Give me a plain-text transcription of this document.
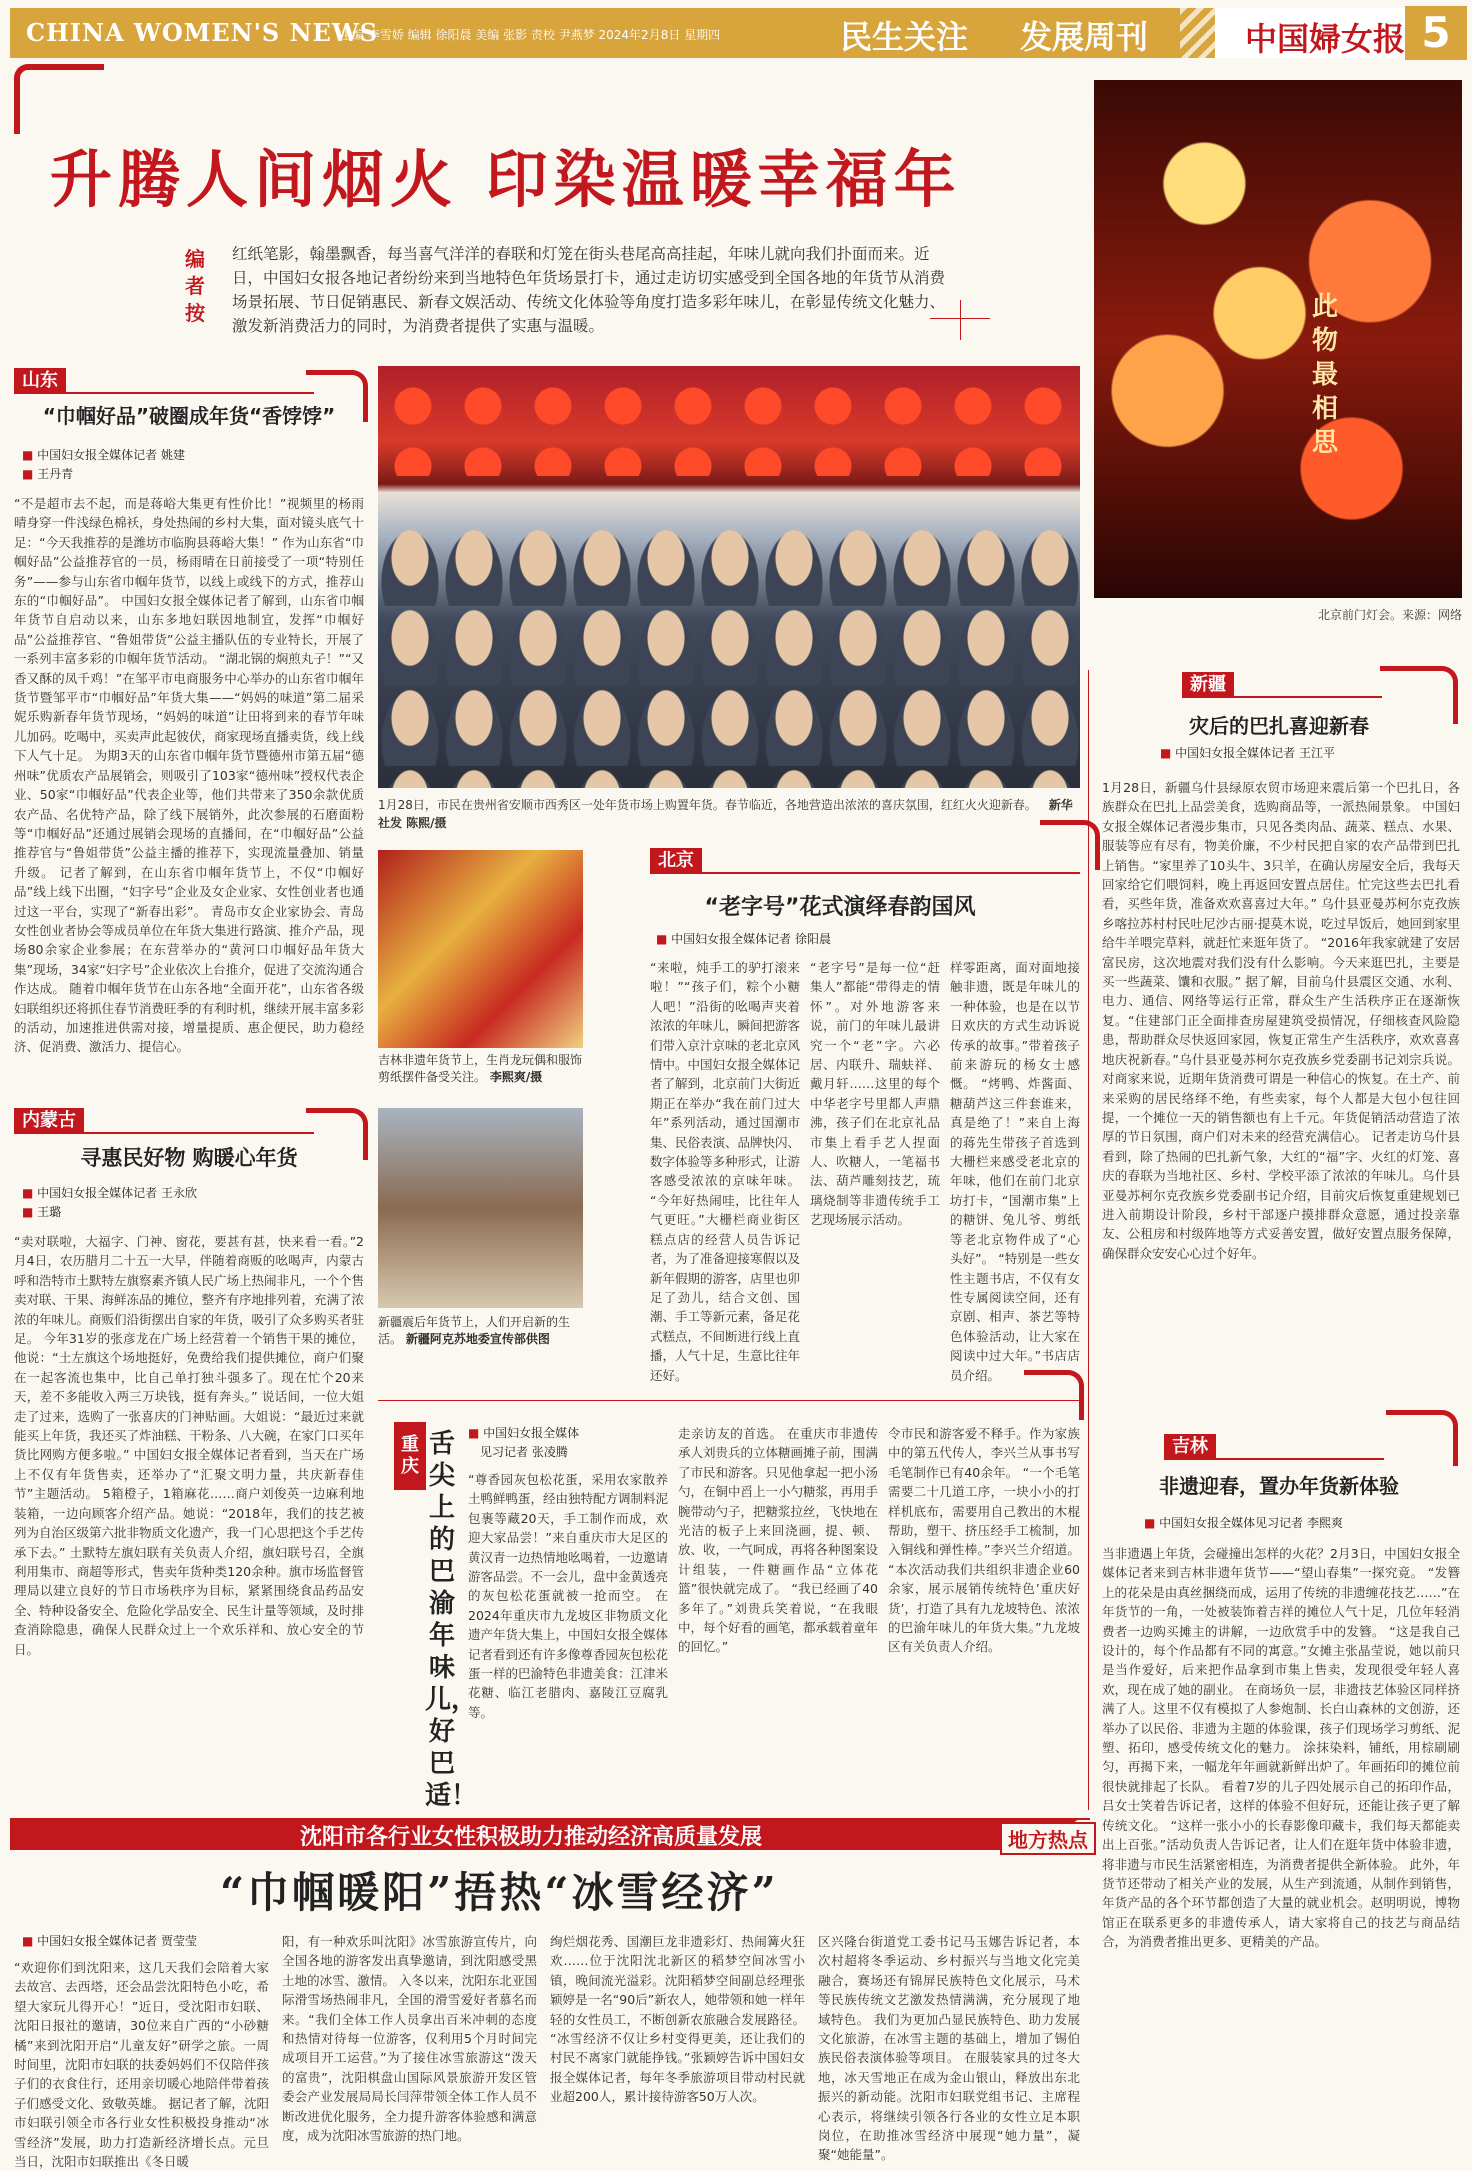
CHINA WOMEN'S NEWS
主编 李雪娇 编辑 徐阳晨 美编 张影 责校 尹燕梦 2024年2月8日 星期四	民生关注 发展周刊	中国婦女报 5
升腾人间烟火 印染温暖幸福年
编者按
红纸笔影，翰墨飘香，每当喜气洋洋的春联和灯笼在街头巷尾高高挂起，年味儿就向我们扑面而来。近日，中国妇女报各地记者纷纷来到当地特色年货场景打卡，通过走访切实感受到全国各地的年货节从消费场景拓展、节日促销惠民、新春文娱活动、传统文化体验等角度打造多彩年味儿，在彰显传统文化魅力、激发新消费活力的同时，为消费者提供了实惠与温暖。
此物最相思
北京前门灯会。来源：网络
1月28日，市民在贵州省安顺市西秀区一处年货市场上购置年货。春节临近，各地营造出浓浓的喜庆氛围，红红火火迎新春。 新华社发 陈熙/摄
山东
“巾帼好品”破圈成年货“香饽饽”
■ 中国妇女报全媒体记者 姚建
■ 王丹青
“不是超市去不起，而是蒋峪大集更有性价比！”视频里的杨雨晴身穿一件浅绿色棉袄，身处热闹的乡村大集，面对镜头底气十足：“今天我推荐的是潍坊市临朐县蒋峪大集！” 作为山东省“巾帼好品”公益推荐官的一员，杨雨晴在日前接受了一项“特别任务”——参与山东省巾帼年货节，以线上或线下的方式，推荐山东的“巾帼好品”。 中国妇女报全媒体记者了解到，山东省巾帼年货节自启动以来，山东多地妇联因地制宜，发挥“巾帼好品”公益推荐官、“鲁姐带货”公益主播队伍的专业特长，开展了一系列丰富多彩的巾帼年货节活动。 “湖北锅的焖煎丸子！”“又香又酥的凤千鸡！”在邹平市电商服务中心举办的山东省巾帼年货节暨邹平市“巾帼好品”年货大集——“妈妈的味道”第二届采妮乐购新春年货节现场，“妈妈的味道”让田将到来的春节年味儿加码。吃喝中，买卖声此起彼伏，商家现场直播卖货，线上线下人气十足。 为期3天的山东省巾帼年货节暨德州市第五届“德州味”优质农产品展销会，则吸引了103家“德州味”授权代表企业、50家“巾帼好品”代表企业等，他们共带来了350余款优质农产品、名优特产品，除了线下展销外，此次参展的石磨面粉等“巾帼好品”还通过展销会现场的直播间，在“巾帼好品”公益推荐官与“鲁姐带货”公益主播的推荐下，实现流量叠加、销量升级。 记者了解到，在山东省巾帼年货节上，不仅“巾帼好品”线上线下出圈，“妇字号”企业及女企业家、女性创业者也通过这一平台，实现了“新春出彩”。 青岛市女企业家协会、青岛女性创业者协会等成员单位在年货大集进行路演、推介产品，现场80余家企业参展；在东营举办的“黄河口巾帼好品年货大集”现场，34家“妇字号”企业依次上台推介，促进了交流沟通合作达成。 随着巾帼年货节在山东各地“全面开花”，山东省各级妇联组织还将抓住春节消费旺季的有利时机，继续开展丰富多彩的活动，加速推进供需对接，增量提质、惠企便民，助力稳经济、促消费、激活力、提信心。
内蒙古
寻惠民好物 购暖心年货
■ 中国妇女报全媒体记者 王永欣
■ 王璐
“卖对联啦，大福字、门神、窗花，要甚有甚，快来看一看。”2月4日，农历腊月二十五一大早，伴随着商贩的吆喝声，内蒙古呼和浩特市土默特左旗察素齐镇人民广场上热闹非凡，一个个售卖对联、干果、海鲜冻品的摊位，整齐有序地排列着，充满了浓浓的年味儿。商贩们沿街摆出自家的年货，吸引了众多购买者驻足。 今年31岁的张彦龙在广场上经营着一个销售干果的摊位，他说：“土左旗这个场地挺好，免费给我们提供摊位，商户们聚在一起客流也集中，比自己单打独斗强多了。现在忙个20来天，差不多能收入两三万块钱，挺有奔头。” 说话间，一位大姐走了过来，选购了一张喜庆的门神贴画。大姐说：“最近过来就能买上年货，我还买了炸油糕、干粉条、八大碗，在家门口买年货比网购方便多啦。” 中国妇女报全媒体记者看到，当天在广场上不仅有年货售卖，还举办了“汇聚文明力量，共庆新春佳节”主题活动。 5箱橙子，1箱麻花……商户刘俊英一边麻利地装箱，一边向顾客介绍产品。她说：“2018年，我们的技艺被列为自治区级第六批非物质文化遗产，我一门心思把这个手艺传承下去。” 土默特左旗妇联有关负责人介绍，旗妇联号召，全旗利用集市、商超等形式，售卖年货种类120余种。旗市场监督管理局以建立良好的节日市场秩序为目标，紧紧围绕食品药品安全、特种设备安全、危险化学品安全、民生计量等领域，及时排查消除隐患，确保人民群众过上一个欢乐祥和、放心安全的节日。
吉林非遗年货节上，生肖龙玩偶和服饰剪纸摆件备受关注。 李熙爽/摄
新疆震后年货节上，人们开启新的生活。 新疆阿克苏地委宣传部供图
北京
“老字号”花式演绎春韵国风
■ 中国妇女报全媒体记者 徐阳晨
“来啦，炖手工的驴打滚来啦！”“孩子们，粽个小糖人吧！”沿街的吆喝声夹着浓浓的年味儿，瞬间把游客们带入京汁京味的老北京风情中。中国妇女报全媒体记者了解到，北京前门大街近期正在举办“我在前门过大年”系列活动，通过国潮市集、民俗表演、品牌快闪、数字体验等多种形式，让游客感受浓浓的京味年味。 “今年好热闹哇，比往年人气更旺。”大栅栏商业街区糕点店的经营人员告诉记者，为了准备迎接寒假以及新年假期的游客，店里也卯足了劲儿，结合文创、国潮、手工等新元素，备足花式糕点，不间断进行线上直播，人气十足，生意比往年还好。
“老字号”是每一位“赶集人”都能“带得走的情怀”。对外地游客来说，前门的年味儿最讲究一个“老”字。六必居、内联升、瑞蚨祥、戴月轩……这里的每个中华老字号里都人声鼎沸，孩子们在北京礼品市集上看手艺人捏面人、吹糖人，一笔福书法、葫芦雕刻技艺，琉璃烧制等非遗传统手工艺现场展示活动。
样零距离，面对面地接触非遗，既是年味儿的一种体验，也是在以节日欢庆的方式生动诉说传承的故事。”带着孩子前来游玩的杨女士感慨。 “烤鸭、炸酱面、糖葫芦这三件套谁来，真是绝了！”来自上海的蒋先生带孩子首选到大栅栏来感受老北京的年味，他们在前门北京坊打卡，“国潮市集”上的糖饼、兔儿爷、剪纸等老北京物件成了“心头好”。 “特别是一些女性主题书店，不仅有女性专属阅读空间，还有京剧、相声、茶艺等特色体验活动，让大家在阅读中过大年。”书店店员介绍。
重庆
舌尖上的巴渝年味儿，好巴适！
■ 中国妇女报全媒体
见习记者 张凌腾
“尊香园灰包松花蛋，采用农家散养土鸭鲜鸭蛋，经由独特配方调制料泥包裹等藏20天，手工制作而成，欢迎大家品尝！”来自重庆市大足区的黄汉青一边热情地吆喝着，一边邀请游客品尝。不一会儿，盘中金黄透亮的灰包松花蛋就被一抢而空。 在2024年重庆市九龙坡区非物质文化遗产年货大集上，中国妇女报全媒体记者看到还有许多像尊香园灰包松花蛋一样的巴渝特色非遗美食：江津米花糖、临江老腊肉、嘉陵江豆腐乳等。
走亲访友的首选。 在重庆市非遗传承人刘贵兵的立体糖画摊子前，围满了市民和游客。只见他拿起一把小汤勺，在铜中舀上一小勺糖浆，再用手腕带动勺子，把糖浆拉丝，飞快地在光洁的板子上来回浇画，提、顿、放、收，一气呵成，再将各种图案设计组装，一件糖画作品“立体花篮”很快就完成了。 “我已经画了40多年了。”刘贵兵笑着说，“在我眼中，每个好看的画笔，都承载着童年的回忆。”
令市民和游客爱不释手。作为家族中的第五代传人，李兴兰从事书写毛笔制作已有40余年。 “一个毛笔需要二十几道工序，一块小小的打样机底布，需要用自己教出的木棍帮助，塑干、挤压经手工梳制，加入铜线和弹性棒。”李兴兰介绍道。 “本次活动我们共组织非遗企业60余家，展示展销传统特色’重庆好货’，打造了具有九龙坡特色、浓浓的巴渝年味儿的年货大集。”九龙坡区有关负责人介绍。
新疆
灾后的巴扎喜迎新春
■ 中国妇女报全媒体记者 王江平
1月28日，新疆乌什县绿原农贸市场迎来震后第一个巴扎日，各族群众在巴扎上品尝美食，选购商品等，一派热闹景象。 中国妇女报全媒体记者漫步集市，只见各类肉品、蔬菜、糕点、水果、服装等应有尽有，物美价廉，不少村民把自家的农产品带到巴扎上销售。“家里养了10头牛、3只羊，在确认房屋安全后，我每天回家给它们喂饲料，晚上再返回安置点居住。忙完这些去巴扎看看，买些年货，准备欢欢喜喜过大年。” 乌什县亚曼苏柯尔克孜族乡喀拉苏村村民吐尼沙古丽·提莫木说，吃过早饭后，她回到家里给牛羊喂完草料，就赶忙来逛年货了。 “2016年我家就建了安居富民房，这次地震对我们没有什么影响。今天来逛巴扎，主要是买一些蔬菜、馕和衣服。” 据了解，目前乌什县震区交通、水利、电力、通信、网络等运行正常，群众生产生活秩序正在逐渐恢复。“住建部门正全面排查房屋建筑受损情况，仔细核查风险隐患，帮助群众尽快返回家园，恢复正常生产生活秩序，欢欢喜喜地庆祝新春。”乌什县亚曼苏柯尔克孜族乡党委副书记刘宗兵说。 对商家来说，近期年货消费可谓是一种信心的恢复。在土产、前来采购的居民络绎不绝，有些卖家，每个人都是大包小包往回提，一个摊位一天的销售额也有上千元。年货促销活动营造了浓厚的节日氛围，商户们对未来的经营充满信心。 记者走访乌什县看到，除了热闹的巴扎新气象，大红的“福”字、火红的灯笼、喜庆的春联为当地社区、乡村、学校平添了浓浓的年味儿。乌什县亚曼苏柯尔克孜族乡党委副书记介绍，目前灾后恢复重建规划已进入前期设计阶段，乡村干部逐户摸排群众意愿，通过投亲靠友、公租房和村级阵地等方式妥善安置，做好安置点服务保障，确保群众安安心心过个好年。
吉林
非遗迎春，置办年货新体验
■ 中国妇女报全媒体见习记者 李熙爽
当非遗遇上年货，会碰撞出怎样的火花？2月3日，中国妇女报全媒体记者来到吉林非遗年货节——“望山春集”一探究竟。 “发簪上的花朵是由真丝捆绕而成，运用了传统的非遗缠花技艺……”在年货节的一角，一处被装饰着吉祥的摊位人气十足，几位年轻消费者一边购买摊主的讲解，一边欣赏手中的发簪。 “这是我自己设计的，每个作品都有不同的寓意。”女摊主张晶莹说，她以前只是当作爱好，后来把作品拿到市集上售卖，发现很受年轻人喜欢，现在成了她的副业。 在商场负一层，非遗技艺体验区同样挤满了人。这里不仅有模拟了人参炮制、长白山森林的文创游，还举办了以民俗、非遗为主题的体验课，孩子们现场学习剪纸、泥塑、拓印，感受传统文化的魅力。 涂抹染料，铺纸，用棕刷刷匀，再揭下来，一幅龙年年画就新鲜出炉了。年画拓印的摊位前很快就排起了长队。 看着7岁的儿子四处展示自己的拓印作品，吕女士笑着告诉记者，这样的体验不但好玩，还能让孩子更了解传统文化。 “这样一张小小的长春影像印藏卡，我们每天都能卖出上百张。”活动负责人告诉记者，让人们在逛年货中体验非遗，将非遗与市民生活紧密相连，为消费者提供全新体验。 此外，年货节还带动了相关产业的发展，从生产到流通，从制作到销售，年货产品的各个环节都创造了大量的就业机会。赵明明说，博物馆正在联系更多的非遗传承人，请大家将自己的技艺与商品结合，为消费者推出更多、更精美的产品。
沈阳市各行业女性积极助力推动经济高质量发展	地方热点
“巾帼暖阳”捂热“冰雪经济”
■ 中国妇女报全媒体记者 贾莹莹
“欢迎你们到沈阳来，这几天我们会陪着大家去故宫、去西塔，还会品尝沈阳特色小吃，希望大家玩儿得开心！”近日，受沈阳市妇联、沈阳日报社的邀请，30位来自广西的“小砂糖橘”来到沈阳开启“儿童友好”研学之旅。一周时间里，沈阳市妇联的扶委妈妈们不仅陪伴孩子们的衣食住行，还用亲切暖心地陪伴带着孩子们感受文化、致敬英雄。 据记者了解，沈阳市妇联引领全市各行业女性积极投身推动“冰雪经济”发展，助力打造新经济增长点。元旦当日，沈阳市妇联推出《冬日暖
阳，有一种欢乐叫沈阳》冰雪旅游宣传片，向全国各地的游客发出真挚邀请，到沈阳感受黑土地的冰雪、激情。 入冬以来，沈阳东北亚国际滑雪场热闹非凡，全国的滑雪爱好者慕名而来。“我们全体工作人员拿出百米冲刺的态度和热情对待每一位游客，仅利用5个月时间完成项目开工运营。”为了接住冰雪旅游这“泼天的富贵”，沈阳棋盘山国际风景旅游开发区管委会产业发展局局长闫萍带领全体工作人员不断改进优化服务，全力提升游客体验感和满意度，成为沈阳冰雪旅游的热门地。
绚烂烟花秀、国潮巨龙非遗彩灯、热闹篝火狂欢……位于沈阳沈北新区的稻梦空间冰雪小镇，晚间流光溢彩。沈阳稻梦空间副总经理张颖婷是一名“90后”新农人，她带领和她一样年轻的女性员工，不断创新农旅融合发展路径。 “冰雪经济不仅让乡村变得更美，还让我们的村民不离家门就能挣钱。”张颖婷告诉中国妇女报全媒体记者，每年冬季旅游项目带动村民就业超200人，累计接待游客50万人次。
区兴隆台街道党工委书记马玉娜告诉记者，本次村超将冬季运动、乡村振兴与当地文化完美融合，赛场还有锦屏民族特色文化展示，马术等民族传统文艺激发热情满满，充分展现了地域特色。 我们为更加凸显民族特色、助力发展文化旅游，在冰雪主题的基础上，增加了锡伯族民俗表演体验等项目。 在服装家具的过冬大地，冰天雪地正在成为金山银山，释放出东北振兴的新动能。沈阳市妇联党组书记、主席程心表示，将继续引领各行各业的女性立足本职岗位，在助推冰雪经济中展现“她力量”，凝聚“她能量”。
